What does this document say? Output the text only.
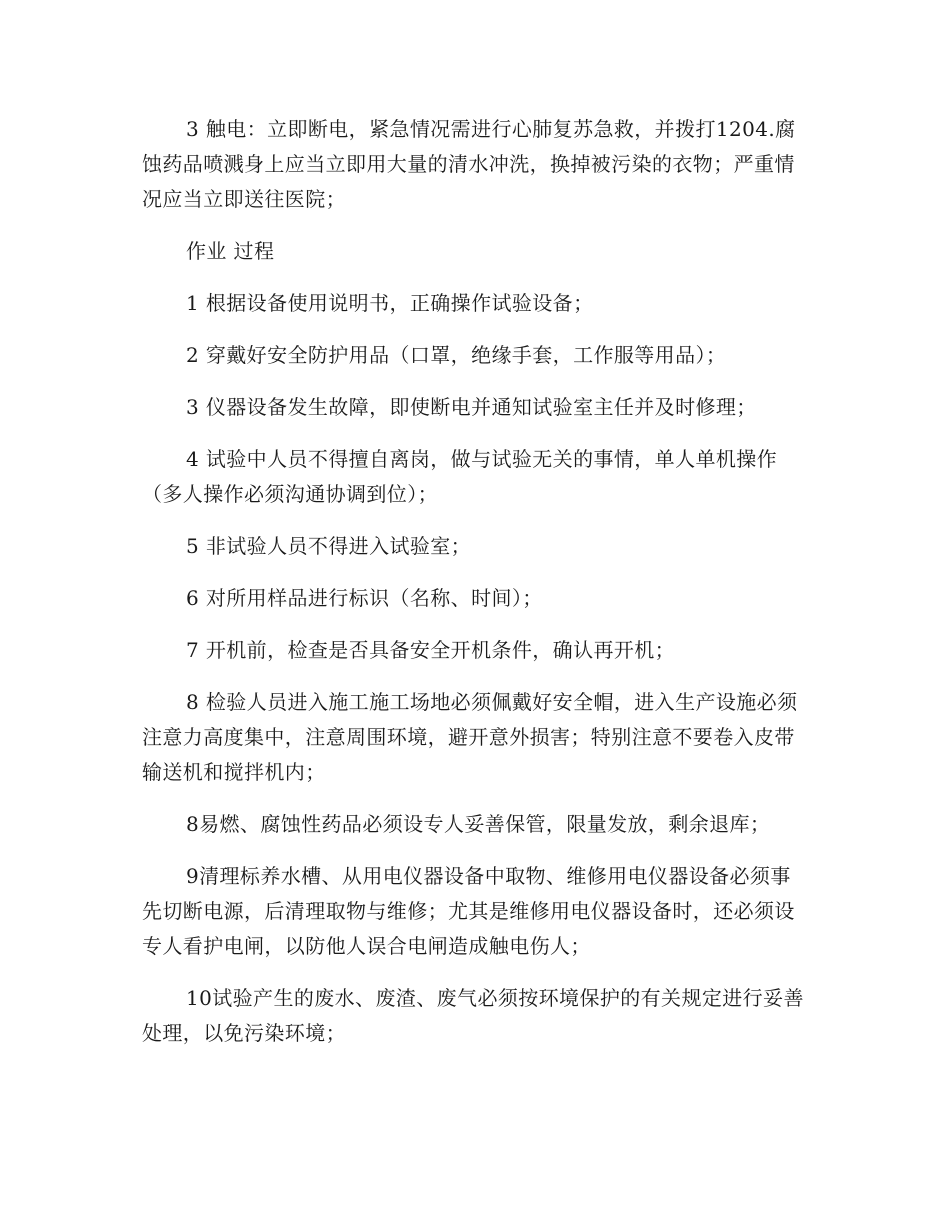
3 触电：立即断电，紧急情况需进行心肺复苏急救，并拨打1204.腐蚀药品喷溅身上应当立即用大量的清水冲洗，换掉被污染的衣物；严重情况应当立即送往医院；

作业 过程

1 根据设备使用说明书，正确操作试验设备；

2 穿戴好安全防护用品（口罩，绝缘手套，工作服等用品）；

3 仪器设备发生故障，即使断电并通知试验室主任并及时修理；

4 试验中人员不得擅自离岗，做与试验无关的事情，单人单机操作（多人操作必须沟通协调到位）；

5 非试验人员不得进入试验室；

6 对所用样品进行标识（名称、时间）；

7 开机前，检查是否具备安全开机条件，确认再开机；

8 检验人员进入施工施工场地必须佩戴好安全帽，进入生产设施必须注意力高度集中，注意周围环境，避开意外损害；特别注意不要卷入皮带输送机和搅拌机内；

8易燃、腐蚀性药品必须设专人妥善保管，限量发放，剩余退库；

9清理标养水槽、从用电仪器设备中取物、维修用电仪器设备必须事先切断电源，后清理取物与维修；尤其是维修用电仪器设备时，还必须设专人看护电闸，以防他人误合电闸造成触电伤人；

10试验产生的废水、废渣、废气必须按环境保护的有关规定进行妥善处理，以免污染环境；
